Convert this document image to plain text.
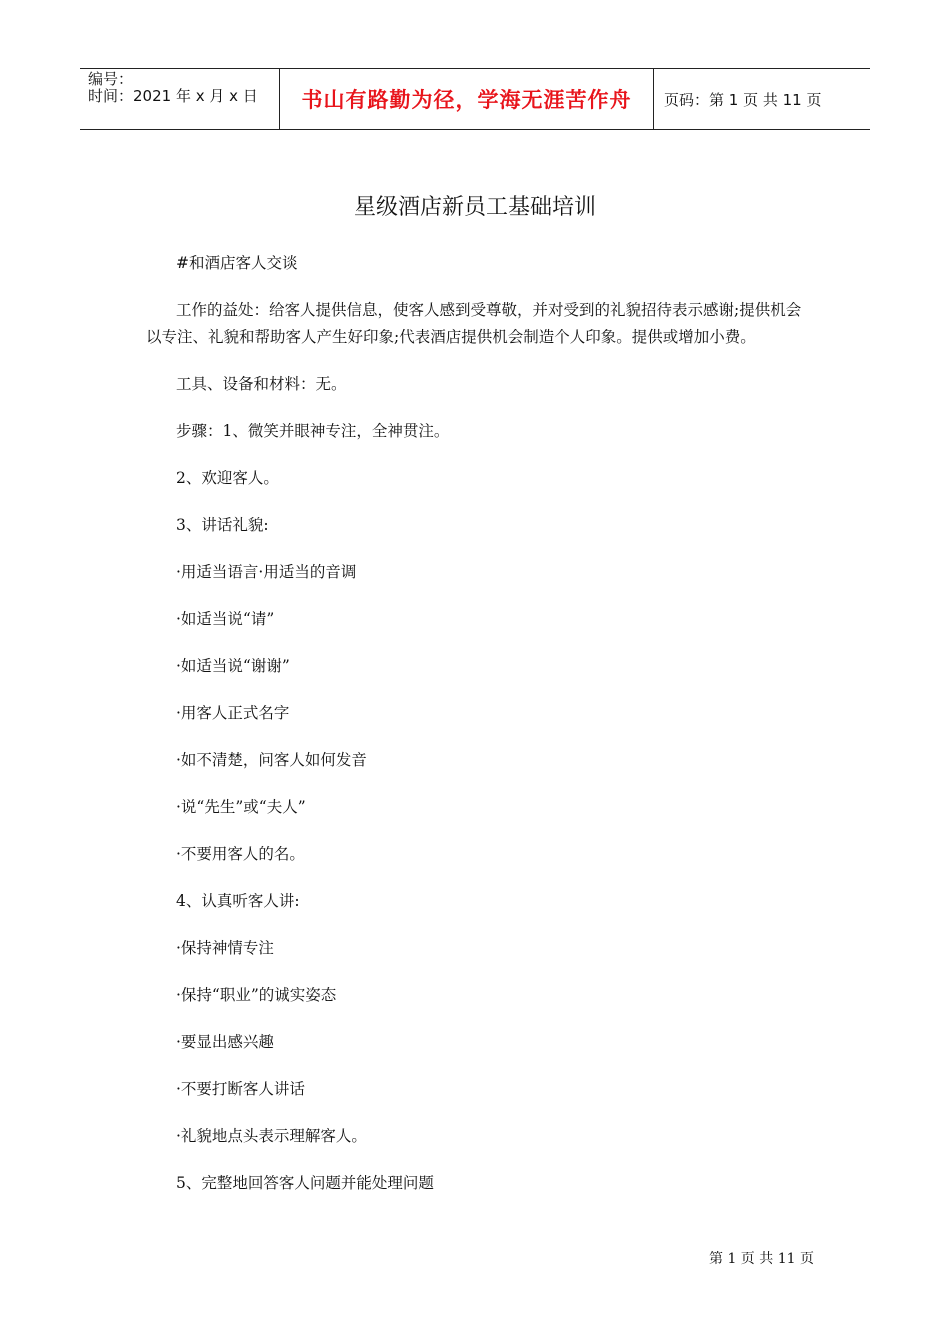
编号：
时间：2021 年 x 月 x 日	书山有路勤为径，学海无涯苦作舟	页码：第 1 页 共 11 页
星级酒店新员工基础培训

#和酒店客人交谈

工作的益处：给客人提供信息，使客人感到受尊敬，并对受到的礼貌招待表示感谢;提供机会以专注、礼貌和帮助客人产生好印象;代表酒店提供机会制造个人印象。提供或增加小费。

工具、设备和材料：无。

步骤：1、微笑并眼神专注，全神贯注。

2、欢迎客人。

3、讲话礼貌:

·用适当语言·用适当的音调

·如适当说“请”

·如适当说“谢谢”

·用客人正式名字

·如不清楚，问客人如何发音

·说“先生”或“夫人”

·不要用客人的名。

4、认真听客人讲:

·保持神情专注

·保持“职业”的诚实姿态

·要显出感兴趣

·不要打断客人讲话

·礼貌地点头表示理解客人。

5、完整地回答客人问题并能处理问题

第 1 页 共 11 页
